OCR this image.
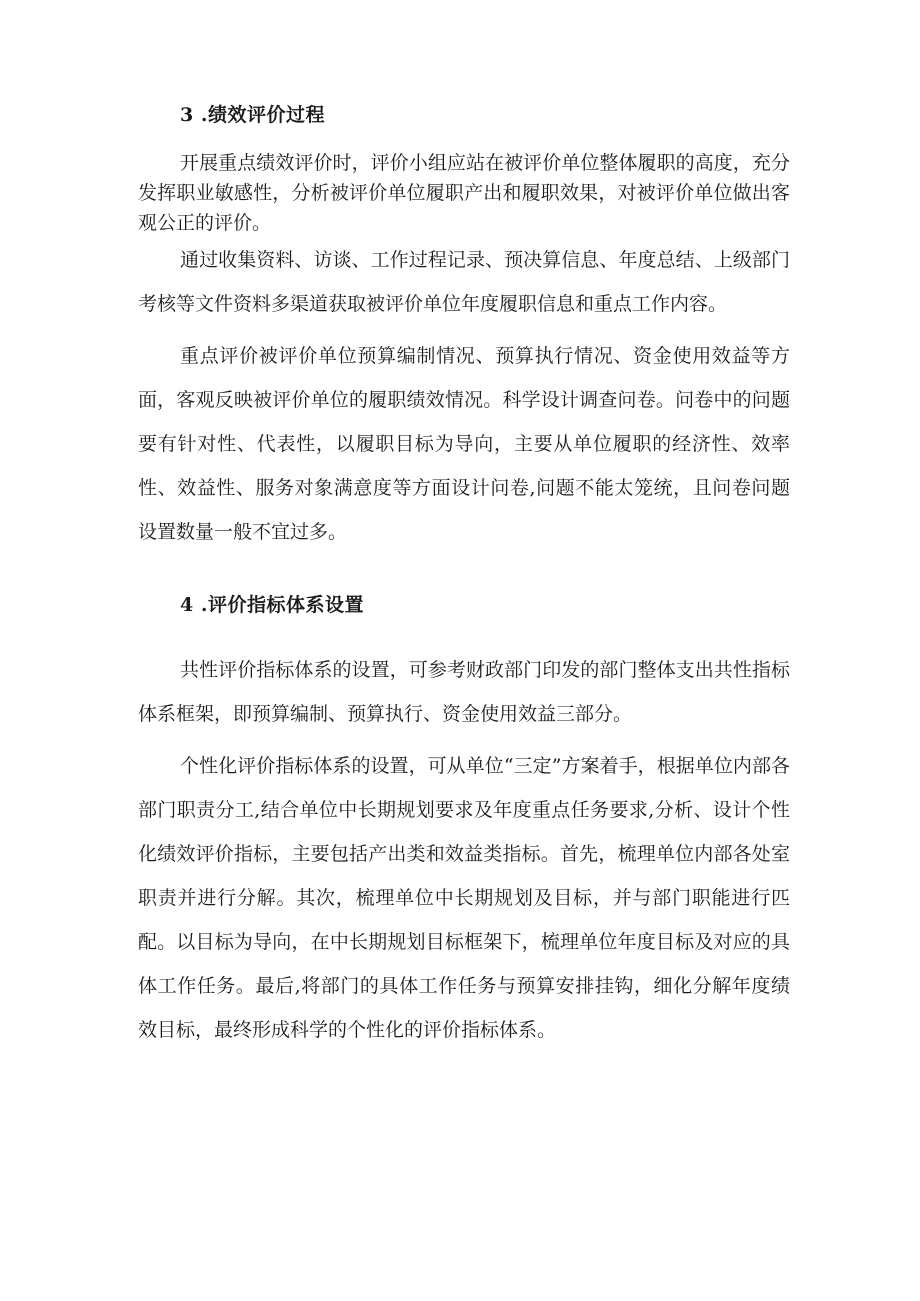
3 .绩效评价过程

开展重点绩效评价时，评价小组应站在被评价单位整体履职的高度，充分发挥职业敏感性，分析被评价单位履职产出和履职效果，对被评价单位做出客观公正的评价。

通过收集资料、访谈、工作过程记录、预决算信息、年度总结、上级部门考核等文件资料多渠道获取被评价单位年度履职信息和重点工作内容。

重点评价被评价单位预算编制情况、预算执行情况、资金使用效益等方面，客观反映被评价单位的履职绩效情况。科学设计调查问卷。问卷中的问题要有针对性、代表性，以履职目标为导向，主要从单位履职的经济性、效率性、效益性、服务对象满意度等方面设计问卷,问题不能太笼统，且问卷问题设置数量一般不宜过多。

4 .评价指标体系设置

共性评价指标体系的设置，可参考财政部门印发的部门整体支出共性指标体系框架，即预算编制、预算执行、资金使用效益三部分。

个性化评价指标体系的设置，可从单位“三定”方案着手，根据单位内部各部门职责分工,结合单位中长期规划要求及年度重点任务要求,分析、设计个性化绩效评价指标，主要包括产出类和效益类指标。首先，梳理单位内部各处室职责并进行分解。其次，梳理单位中长期规划及目标，并与部门职能进行匹配。以目标为导向，在中长期规划目标框架下，梳理单位年度目标及对应的具体工作任务。最后,将部门的具体工作任务与预算安排挂钩，细化分解年度绩效目标，最终形成科学的个性化的评价指标体系。
